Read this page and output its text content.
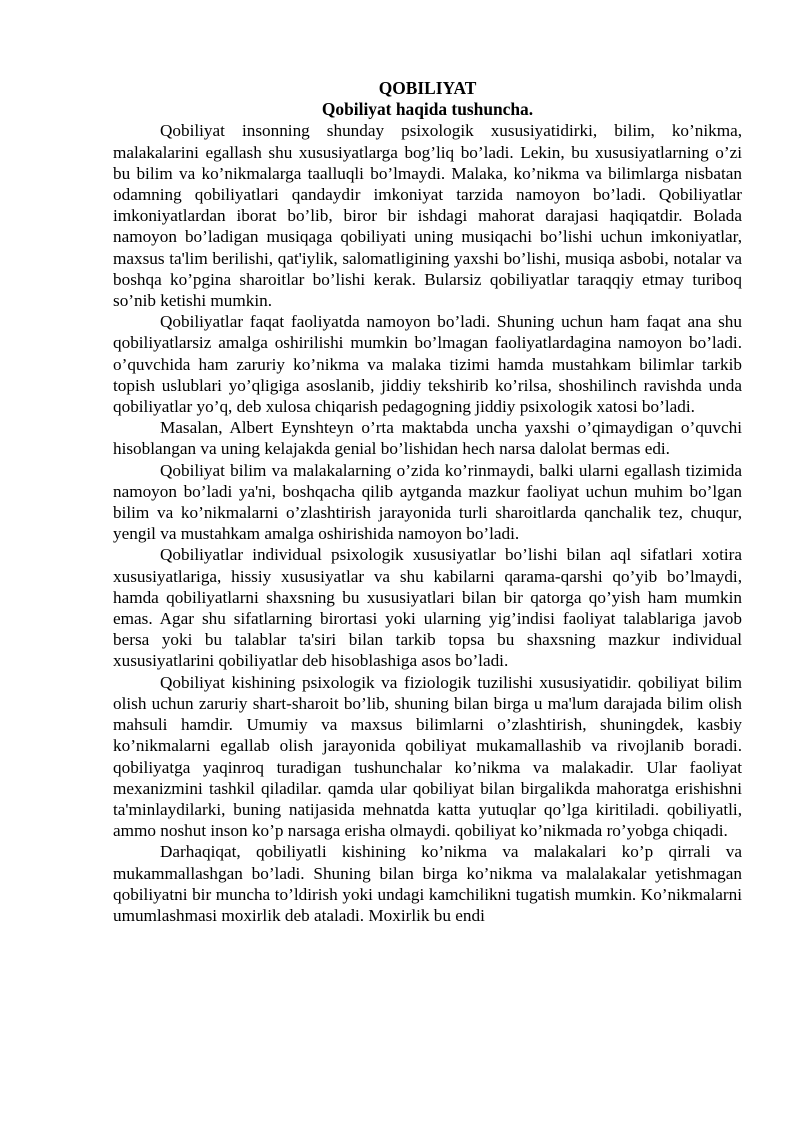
QOBILIYAT

Qobiliyat haqida tushuncha.

Qobiliyat insonning shunday psixologik xususiyatidirki, bilim, ko’nikma, malakalarini egallash shu xususiyatlarga bog’liq bo’ladi. Lekin, bu xususiyatlarning o’zi bu bilim va ko’nikmalarga taalluqli bo’lmaydi. Malaka, ko’nikma va bilimlarga nisbatan odamning qobiliyatlari qandaydir imkoniyat tarzida namoyon bo’ladi. Qobiliyatlar imkoniyatlardan iborat bo’lib, biror bir ishdagi mahorat darajasi haqiqatdir. Bolada namoyon bo’ladigan musiqaga qobiliyati uning musiqachi bo’lishi uchun imkoniyatlar, maxsus ta'lim berilishi, qat'iylik, salomatligining yaxshi bo’lishi, musiqa asbobi, notalar va boshqa ko’pgina sharoitlar bo’lishi kerak. Bularsiz qobiliyatlar taraqqiy etmay turiboq so’nib ketishi mumkin.

Qobiliyatlar faqat faoliyatda namoyon bo’ladi. Shuning uchun ham faqat ana shu qobiliyatlarsiz amalga oshirilishi mumkin bo’lmagan faoliyatlardagina namoyon bo’ladi. o’quvchida ham zaruriy ko’nikma va malaka tizimi hamda mustahkam bilimlar tarkib topish uslublari yo’qligiga asoslanib, jiddiy tekshirib ko’rilsa, shoshilinch ravishda unda qobiliyatlar yo’q, deb xulosa chiqarish pedagogning jiddiy psixologik xatosi bo’ladi.

Masalan, Albert Eynshteyn o’rta maktabda uncha yaxshi o’qimaydigan o’quvchi hisoblangan va uning kelajakda genial bo’lishidan hech narsa dalolat bermas edi.

Qobiliyat bilim va malakalarning o’zida ko’rinmaydi, balki ularni egallash tizimida namoyon bo’ladi ya'ni, boshqacha qilib aytganda mazkur faoliyat uchun muhim bo’lgan bilim va ko’nikmalarni o’zlashtirish jarayonida turli sharoitlarda qanchalik tez, chuqur, yengil va mustahkam amalga oshirishida namoyon bo’ladi.

Qobiliyatlar individual psixologik xususiyatlar bo’lishi bilan aql sifatlari xotira xususiyatlariga, hissiy xususiyatlar va shu kabilarni qarama-qarshi qo’yib bo’lmaydi, hamda qobiliyatlarni shaxsning bu xususiyatlari bilan bir qatorga qo’yish ham mumkin emas. Agar shu sifatlarning birortasi yoki ularning yig’indisi faoliyat talablariga javob bersa yoki bu talablar ta'siri bilan tarkib topsa bu shaxsning mazkur individual xususiyatlarini qobiliyatlar deb hisoblashiga asos bo’ladi.

Qobiliyat kishining psixologik va fiziologik tuzilishi xususiyatidir. qobiliyat bilim olish uchun zaruriy shart-sharoit bo’lib, shuning bilan birga u ma'lum darajada bilim olish mahsuli hamdir. Umumiy va maxsus bilimlarni o’zlashtirish, shuningdek, kasbiy ko’nikmalarni egallab olish jarayonida qobiliyat mukamallashib va rivojlanib boradi. qobiliyatga yaqinroq turadigan tushunchalar ko’nikma va malakadir. Ular faoliyat mexanizmini tashkil qiladilar. qamda ular qobiliyat bilan birgalikda mahoratga erishishni ta'minlaydilarki, buning natijasida mehnatda katta yutuqlar qo’lga kiritiladi. qobiliyatli, ammo noshut inson ko’p narsaga erisha olmaydi. qobiliyat ko’nikmada ro’yobga chiqadi.

Darhaqiqat, qobiliyatli kishining ko’nikma va malakalari ko’p qirrali va mukammallashgan bo’ladi. Shuning bilan birga ko’nikma va malalakalar yetishmagan qobiliyatni bir muncha to’ldirish yoki undagi kamchilikni tugatish mumkin. Ko’nikmalarni umumlashmasi moxirlik deb ataladi. Moxirlik bu endi
